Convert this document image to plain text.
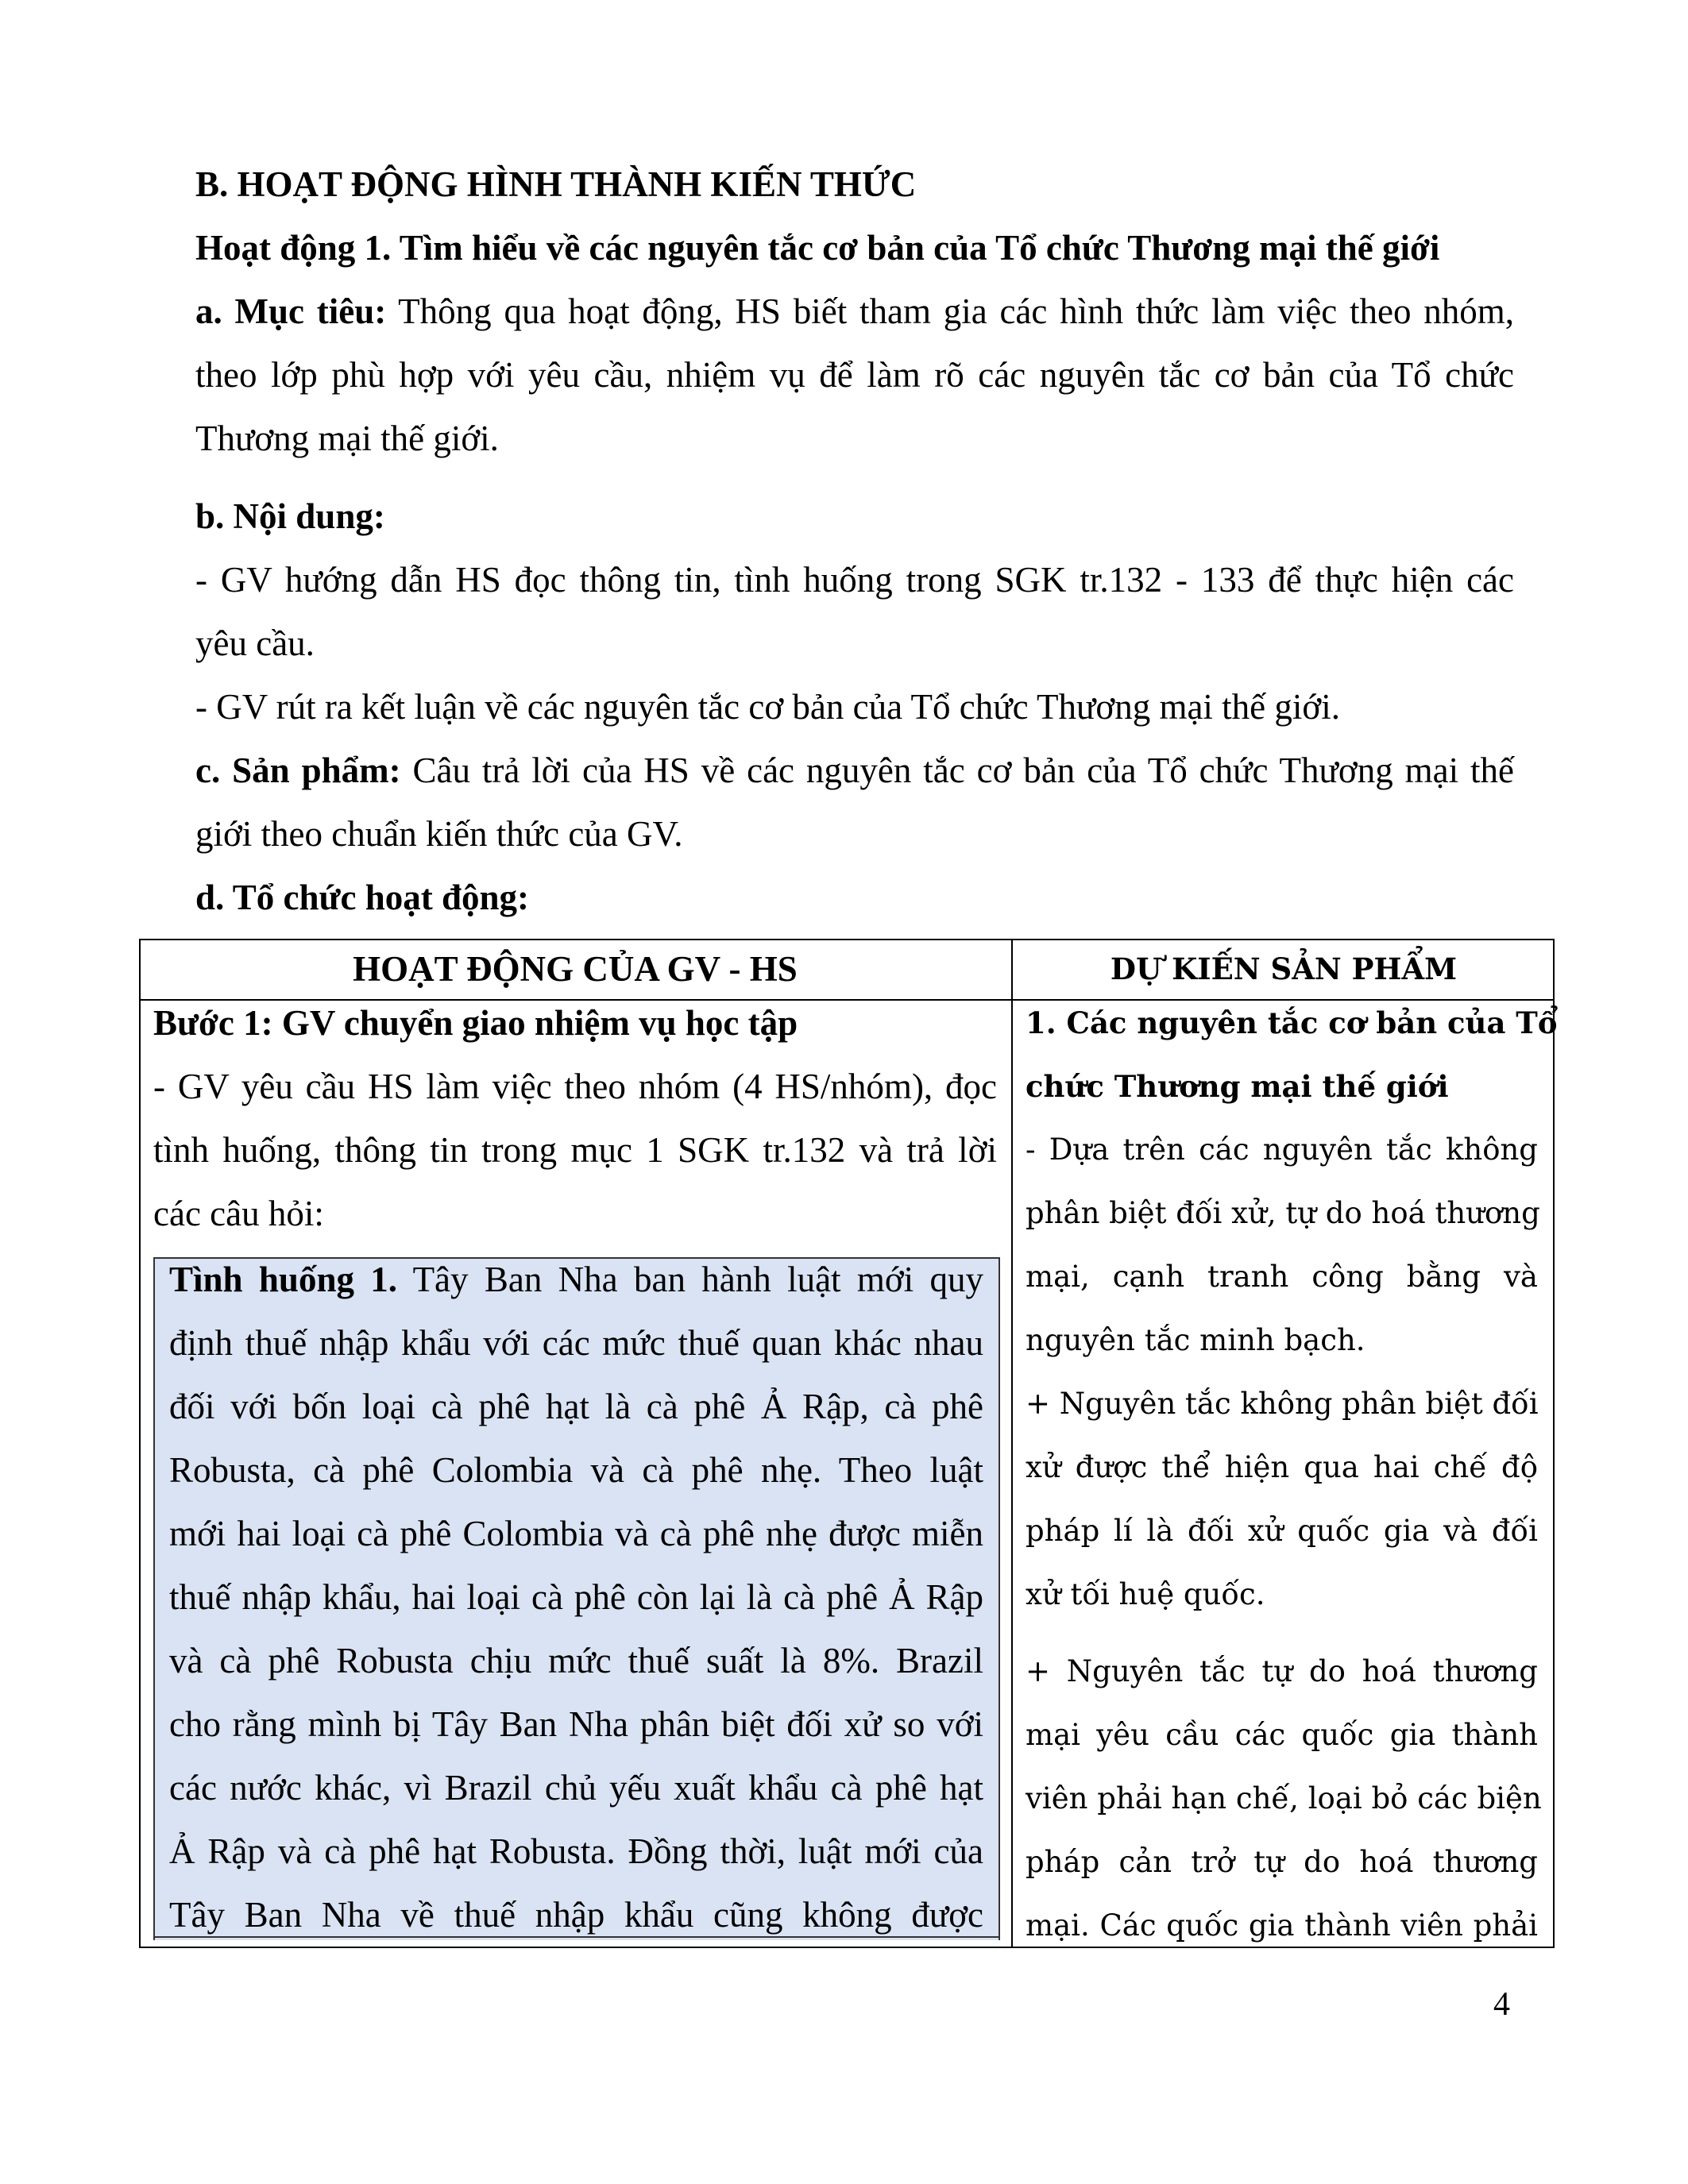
B. HOẠT ĐỘNG HÌNH THÀNH KIẾN THỨC
Hoạt động 1. Tìm hiểu về các nguyên tắc cơ bản của Tổ chức Thương mại thế giới
a. Mục tiêu: Thông qua hoạt động, HS biết tham gia các hình thức làm việc theo nhóm,
theo lớp phù hợp với yêu cầu, nhiệm vụ để làm rõ các nguyên tắc cơ bản của Tổ chức
Thương mại thế giới.
b. Nội dung:
- GV hướng dẫn HS đọc thông tin, tình huống trong SGK tr.132 - 133 để thực hiện các
yêu cầu.
- GV rút ra kết luận về các nguyên tắc cơ bản của Tổ chức Thương mại thế giới.
c. Sản phẩm: Câu trả lời của HS về các nguyên tắc cơ bản của Tổ chức Thương mại thế
giới theo chuẩn kiến thức của GV.
d. Tổ chức hoạt động:
HOẠT ĐỘNG CỦA GV - HS	DỰ KIẾN SẢN PHẨM
Bước 1: GV chuyển giao nhiệm vụ học tập
- GV yêu cầu HS làm việc theo nhóm (4 HS/nhóm), đọc
tình huống, thông tin trong mục 1 SGK tr.132 và trả lời
các câu hỏi:
Tình huống 1. Tây Ban Nha ban hành luật mới quy
định thuế nhập khẩu với các mức thuế quan khác nhau
đối với bốn loại cà phê hạt là cà phê Ả Rập, cà phê
Robusta, cà phê Colombia và cà phê nhẹ. Theo luật
mới hai loại cà phê Colombia và cà phê nhẹ được miễn
thuế nhập khẩu, hai loại cà phê còn lại là cà phê Ả Rập
và cà phê Robusta chịu mức thuế suất là 8%. Brazil
cho rằng mình bị Tây Ban Nha phân biệt đối xử so với
các nước khác, vì Brazil chủ yếu xuất khẩu cà phê hạt
Ả Rập và cà phê hạt Robusta. Đồng thời, luật mới của
Tây Ban Nha về thuế nhập khẩu cũng không được
1. Các nguyên tắc cơ bản của Tổ
chức Thương mại thế giới
- Dựa trên các nguyên tắc không
phân biệt đối xử, tự do hoá thương
mại, cạnh tranh công bằng và
nguyên tắc minh bạch.
+ Nguyên tắc không phân biệt đối
xử được thể hiện qua hai chế độ
pháp lí là đối xử quốc gia và đối
xử tối huệ quốc.
+ Nguyên tắc tự do hoá thương
mại yêu cầu các quốc gia thành
viên phải hạn chế, loại bỏ các biện
pháp cản trở tự do hoá thương
mại. Các quốc gia thành viên phải
4
